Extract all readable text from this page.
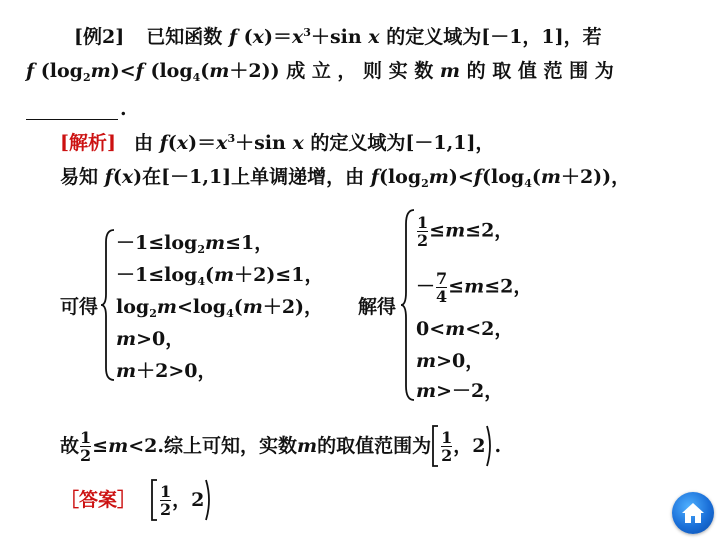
[例2] 已知函数 f $(x)=x^3+\sin$ x 的定义域为[－1，1]，若
f $(\log_2m)<f$ $(\log_4(m+2))$ 成 立 ， 则 实 数 m 的 取 值 范 围 为
.
[解析] 由 $f(x)=x^3+\sin$ x 的定义域为[－1,1]，
易知 f(x)在[－1,1]上单调递增，由 $f(\log_2m)<f(\log_4(m+2))$，
可得
$-1\le\log_2m\le 1$，
$-1\le\log_4(m+2)\le 1$，
$\log_2m<\log_4(m+2)$，
m>0，
m＋2>0，
解得
$\frac{1}{2} \le m\le 2$，
－ $\frac{7}{4} \le m\le 2$，
0<m<2，
m>0，
m>－2，
故 $\frac{1}{2} \le m <2$.综上可知，实数 m 的取值范围为 $\frac{1}{2}$ ，2 .
［答案］ $\frac{1}{2}$ ，2
